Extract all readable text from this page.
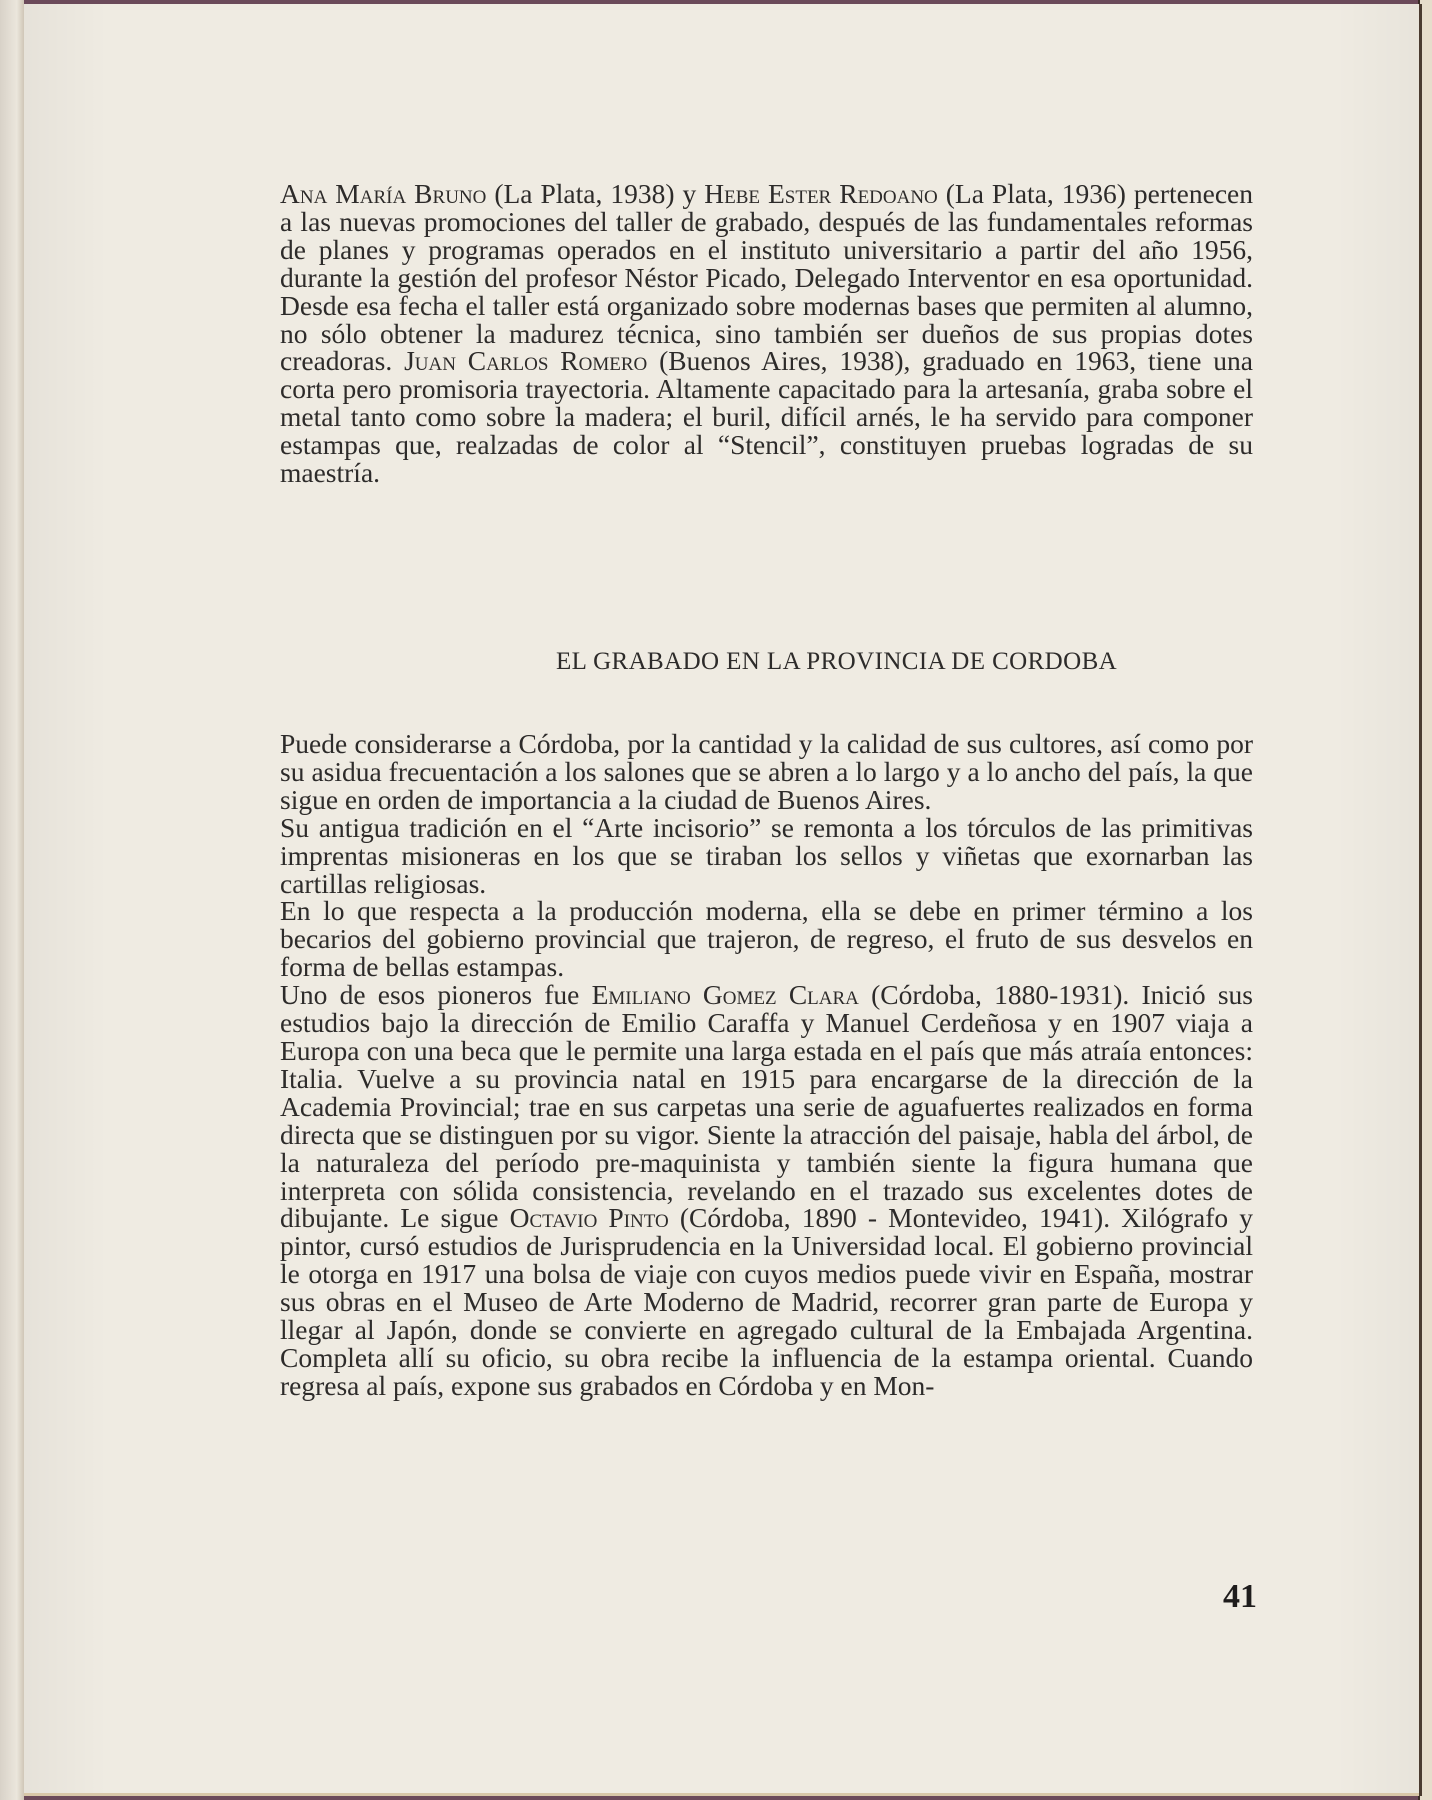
Ana María Bruno (La Plata, 1938) y Hebe Ester Redoano (La Plata, 1936) pertenecen a las nuevas promociones del taller de grabado, después de las fundamentales reformas de planes y programas operados en el instituto universitario a partir del año 1956, durante la gestión del profesor Néstor Picado, Delegado Interventor en esa oportunidad. Desde esa fecha el taller está organizado sobre modernas bases que permiten al alumno, no sólo obtener la madurez técnica, sino también ser dueños de sus propias dotes creadoras. Juan Carlos Romero (Buenos Aires, 1938), graduado en 1963, tiene una corta pero promisoria trayectoria. Altamente capacitado para la artesanía, graba sobre el metal tanto como sobre la madera; el buril, difícil arnés, le ha servido para componer estampas que, realzadas de color al “Stencil”, constituyen pruebas logradas de su maestría.

EL GRABADO EN LA PROVINCIA DE CORDOBA

Puede considerarse a Córdoba, por la cantidad y la calidad de sus cultores, así como por su asidua frecuentación a los salones que se abren a lo largo y a lo ancho del país, la que sigue en orden de importancia a la ciudad de Buenos Aires.

Su antigua tradición en el “Arte incisorio” se remonta a los tórculos de las primitivas imprentas misioneras en los que se tiraban los sellos y viñetas que exornarban las cartillas religiosas.

En lo que respecta a la producción moderna, ella se debe en primer término a los becarios del gobierno provincial que trajeron, de regreso, el fruto de sus desvelos en forma de bellas estampas.

Uno de esos pioneros fue Emiliano Gomez Clara (Córdoba, 1880-1931). Inició sus estudios bajo la dirección de Emilio Caraffa y Manuel Cerdeñosa y en 1907 viaja a Europa con una beca que le permite una larga estada en el país que más atraía entonces: Italia. Vuelve a su provincia natal en 1915 para encargarse de la dirección de la Academia Provincial; trae en sus carpetas una serie de aguafuertes realizados en forma directa que se distinguen por su vigor. Siente la atracción del paisaje, habla del árbol, de la naturaleza del período pre-maquinista y también siente la figura humana que interpreta con sólida consistencia, revelando en el trazado sus excelentes dotes de dibujante. Le sigue Octavio Pinto (Córdoba, 1890 - Montevideo, 1941). Xilógrafo y pintor, cursó estudios de Jurisprudencia en la Universidad local. El gobierno provincial le otorga en 1917 una bolsa de viaje con cuyos medios puede vivir en España, mostrar sus obras en el Museo de Arte Moderno de Madrid, recorrer gran parte de Europa y llegar al Japón, donde se convierte en agregado cultural de la Embajada Argentina. Completa allí su oficio, su obra recibe la influencia de la estampa oriental. Cuando regresa al país, expone sus grabados en Córdoba y en Mon-

41
